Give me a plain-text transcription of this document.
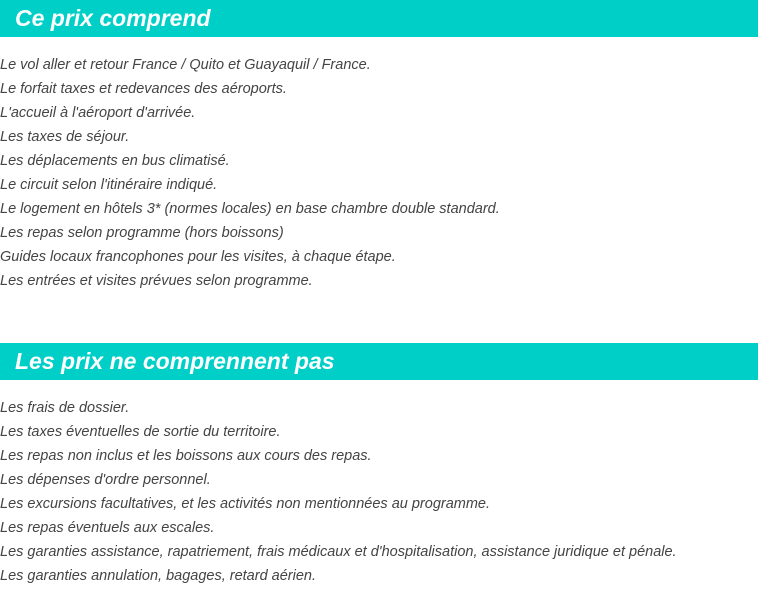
Ce prix comprend
Le vol aller et retour France / Quito et Guayaquil / France.
Le forfait taxes et redevances des aéroports.
L'accueil à l'aéroport d'arrivée.
Les taxes de séjour.
Les déplacements en bus climatisé.
Le circuit selon l'itinéraire indiqué.
Le logement en hôtels 3* (normes locales) en base chambre double standard.
Les repas selon programme (hors boissons)
Guides locaux francophones pour les visites, à chaque étape.
Les entrées et visites prévues selon programme.
Les prix ne comprennent pas
Les frais de dossier.
Les taxes éventuelles de sortie du territoire.
Les repas non inclus et les boissons aux cours des repas.
Les dépenses d'ordre personnel.
Les excursions facultatives, et les activités non mentionnées au programme.
Les repas éventuels aux escales.
Les garanties assistance, rapatriement, frais médicaux et d'hospitalisation, assistance juridique et pénale.
Les garanties annulation, bagages, retard aérien.
